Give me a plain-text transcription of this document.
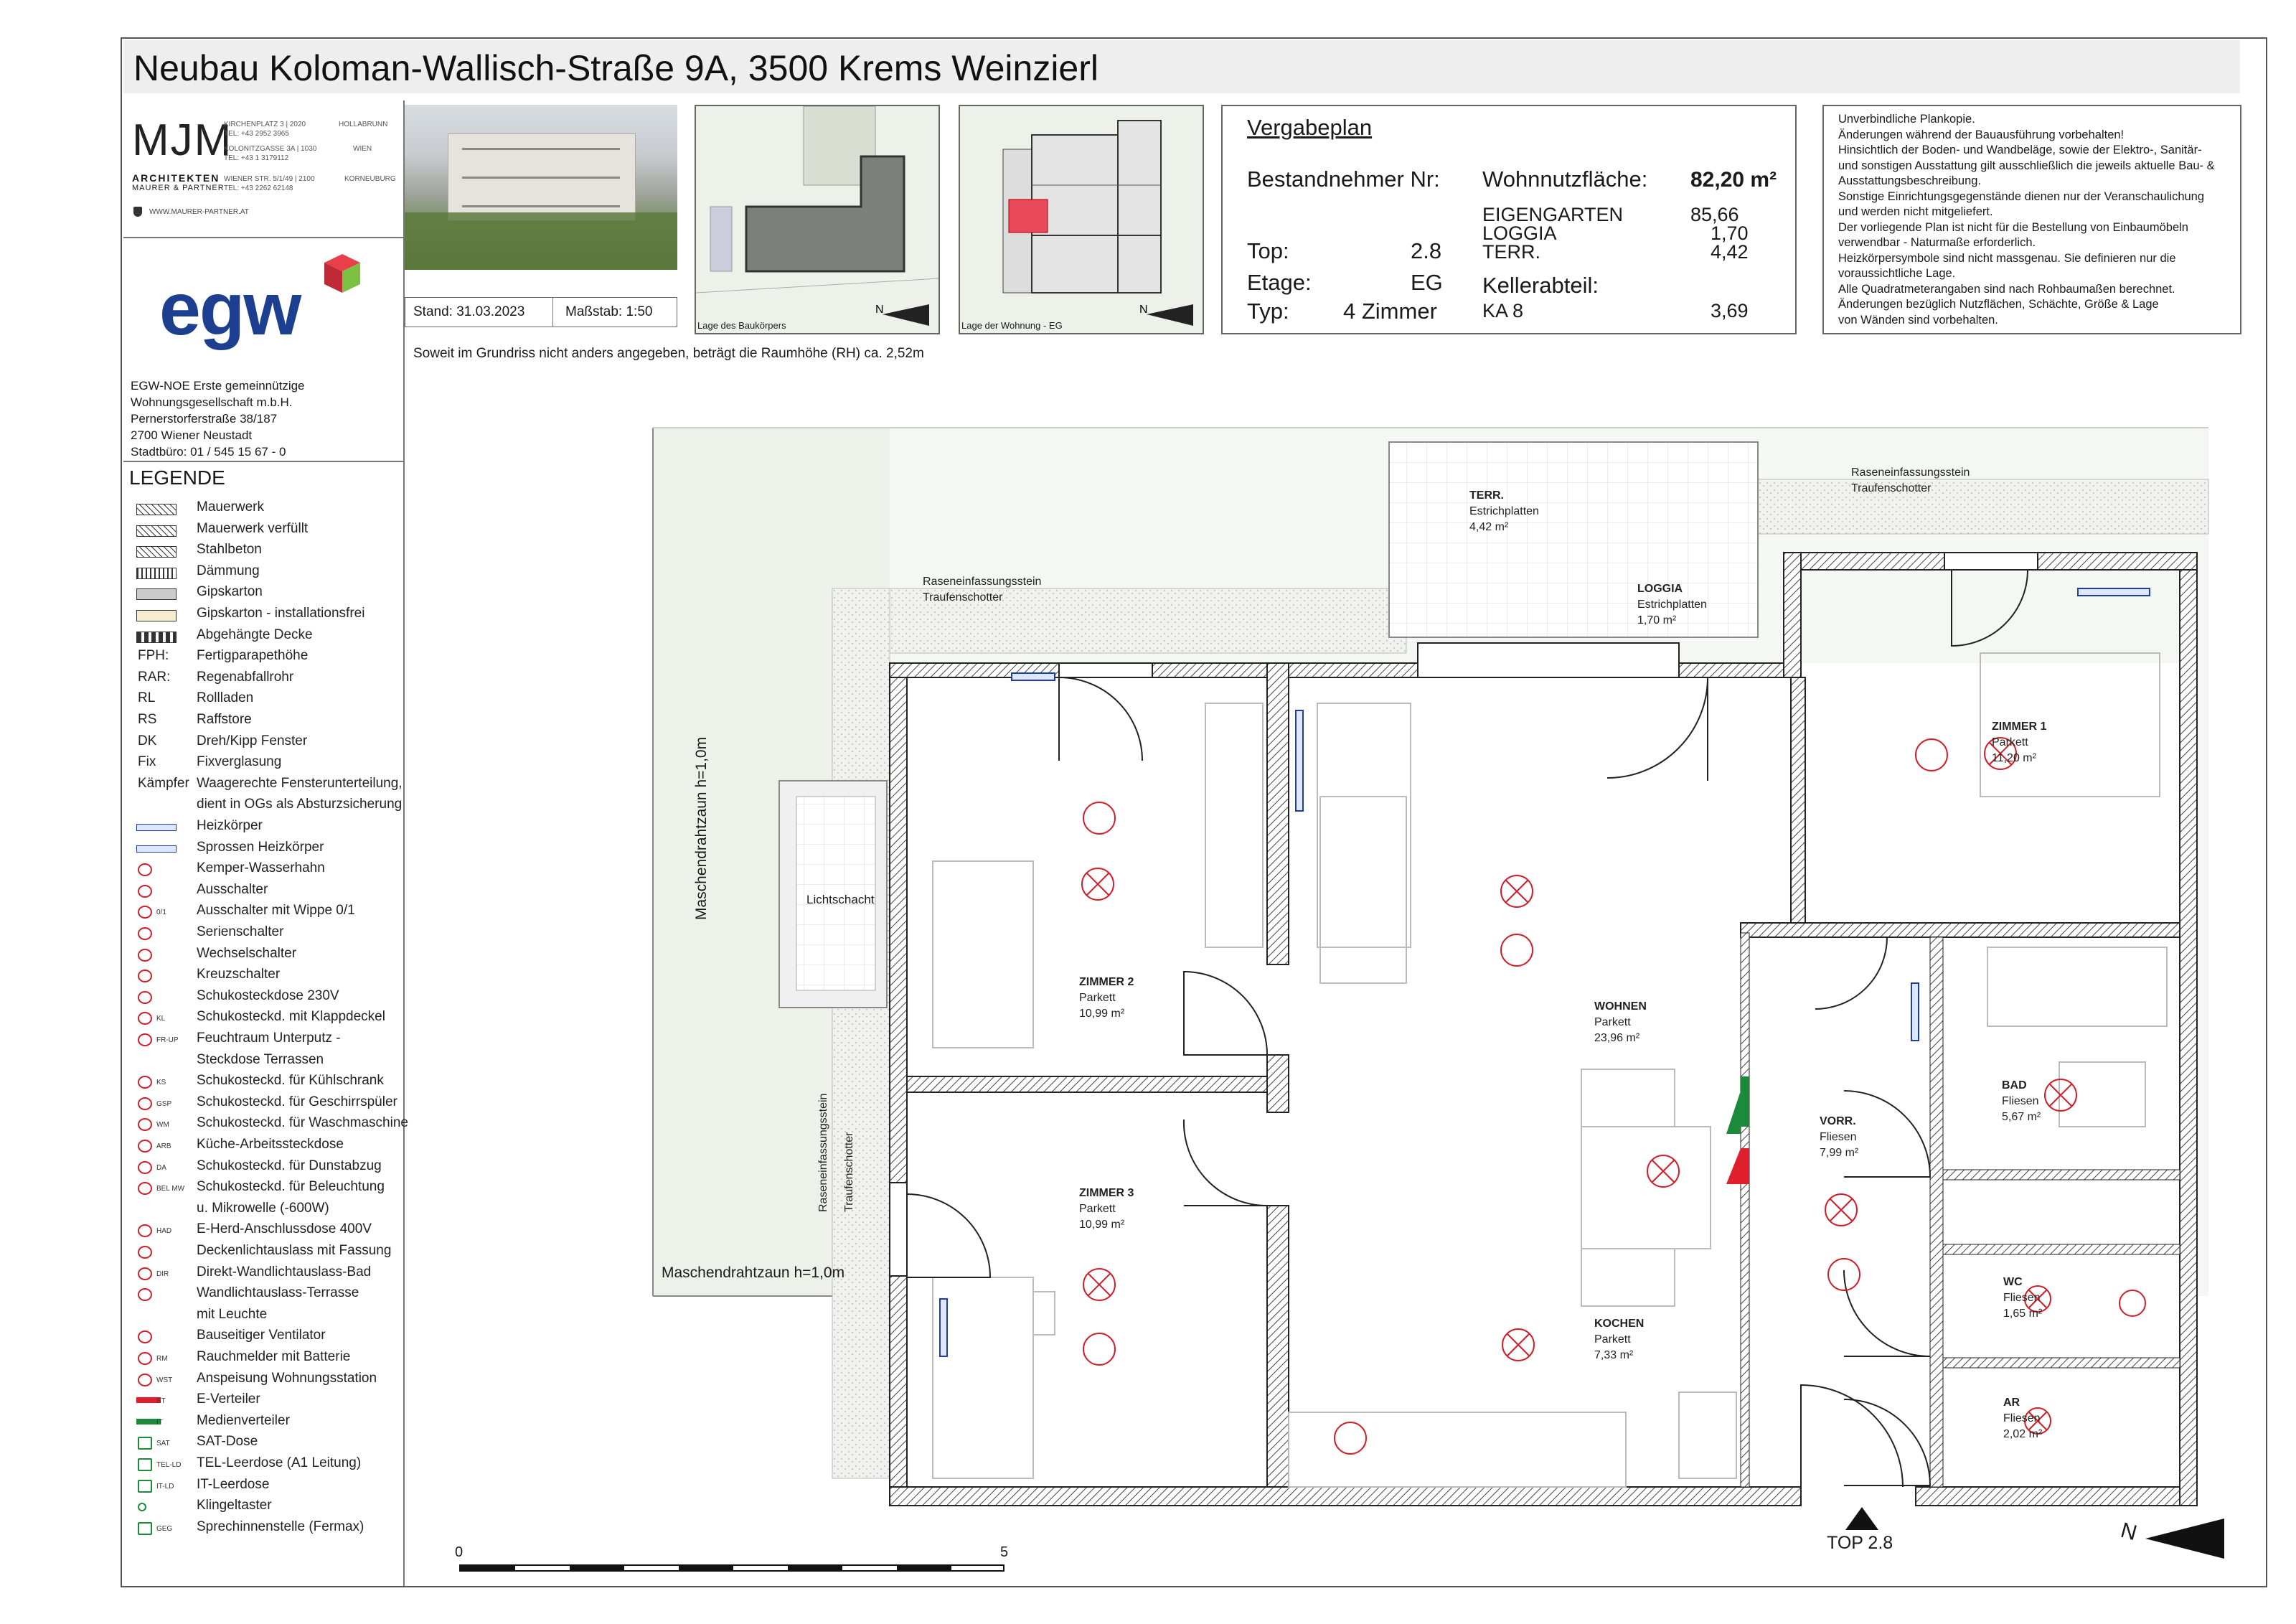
Neubau Koloman-Wallisch-Straße 9A, 3500 Krems Weinzierl
MJM
ARCHITEKTEN
MAURER & PARTNER
KIRCHENPLATZ 3 | 2020	HOLLABRUNN
TEL: +43 2952 3965
KOLONITZGASSE 3A | 1030	WIEN
TEL: +43 1 3179112
WIENER STR. 5/1/49 | 2100	KORNEUBURG
TEL: +43 2262 62148
WWW.MAURER-PARTNER.AT
egw
EGW-NOE Erste gemeinnützige
Wohnungsgesellschaft m.b.H.
Pernerstorferstraße 38/187
2700 Wiener Neustadt
Stadtbüro: 01 / 545 15 67 - 0
LEGENDE
Mauerwerk
Mauerwerk verfüllt
Stahlbeton
Dämmung
Gipskarton
Gipskarton - installationsfrei
Abgehängte Decke
FPH: Fertigparapethöhe
RAR: Regenabfallrohr
RL	Rollladen
RS	Raffstore
DK	Dreh/Kipp Fenster
Fix	Fixverglasung
Kämpfer Waagerechte Fensterunterteilung,
dient in OGs als Absturzsicherung
Heizkörper
Sprossen Heizkörper
Kemper-Wasserhahn
Ausschalter
0/1 Ausschalter mit Wippe 0/1
Serienschalter
Wechselschalter
Kreuzschalter
Schukosteckdose 230V
KL Schukosteckd. mit Klappdeckel
FR-UP Feuchtraum Unterputz -
Steckdose Terrassen
KS Schukosteckd. für Kühlschrank
GSP Schukosteckd. für Geschirrspüler
WM Schukosteckd. für Waschmaschine
ARB Küche-Arbeitssteckdose
DA Schukosteckd. für Dunstabzug
BEL MW Schukosteckd. für Beleuchtung
u. Mikrowelle (-600W)
HAD E-Herd-Anschlussdose 400V
Deckenlichtauslass mit Fassung
DIR Direkt-Wandlichtauslass-Bad
Wandlichtauslass-Terrasse
mit Leuchte
Bauseitiger Ventilator
RM Rauchmelder mit Batterie
WST Anspeisung Wohnungsstation
ST E-Verteiler
IT Medienverteiler
SAT SAT-Dose
TEL-LD TEL-Leerdose (A1 Leitung)
IT-LD IT-Leerdose
Klingeltaster
GEG Sprechinnenstelle (Fermax)
Stand: 31.03.2023	Maßstab: 1:50	N
Lage des Baukörpers
N
Lage der Wohnung - EG
Vergabeplan
Bestandnehmer Nr:
Top:	2.8
Etage:	EG
Typ: 4 Zimmer
Wohnnutzfläche: 82,20 m²
EIGENGARTEN	85,66
LOGGIA	1,70
TERR.	4,42
Kellerabteil:
KA 8	3,69
Unverbindliche Plankopie.
Änderungen während der Bauausführung vorbehalten!
Hinsichtlich der Boden- und Wandbeläge, sowie der Elektro-, Sanitär-
und sonstigen Ausstattung gilt ausschließlich die jeweils aktuelle Bau- &
Ausstattungsbeschreibung.
Sonstige Einrichtungsgegenstände dienen nur der Veranschaulichung
und werden nicht mitgeliefert.
Der vorliegende Plan ist nicht für die Bestellung von Einbaumöbeln
verwendbar - Naturmaße erforderlich.
Heizkörpersymbole sind nicht massgenau. Sie definieren nur die
voraussichtliche Lage.
Alle Quadratmeterangaben sind nach Rohbaumaßen berechnet.
Änderungen bezüglich Nutzflächen, Schächte, Größe & Lage
von Wänden sind vorbehalten.
Soweit im Grundriss nicht anders angegeben, beträgt die Raumhöhe (RH) ca. 2,52m
Maschendrahtzaun h=1,0m
Maschendrahtzaun h=1,0m
Lichtschacht
Raseneinfassungsstein
Traufenschotter
Raseneinfassungsstein
Traufenschotter
Raseneinfassungsstein Traufenschotter
TERR.
Estrichplatten
4,42 m²
LOGGIA
Estrichplatten
1,70 m²
ZIMMER 1
Parkett
11,20 m²
ZIMMER 2
Parkett
10,99 m²
ZIMMER 3
Parkett
10,99 m²
WOHNEN
Parkett
23,96 m²
KOCHEN
Parkett
7,33 m²
BAD
Fliesen
5,67 m²
VORR.
Fliesen
7,99 m²
WC
Fliesen
1,65 m²
AR
Fliesen
2,02 m²
TOP 2.8
0	5
N
